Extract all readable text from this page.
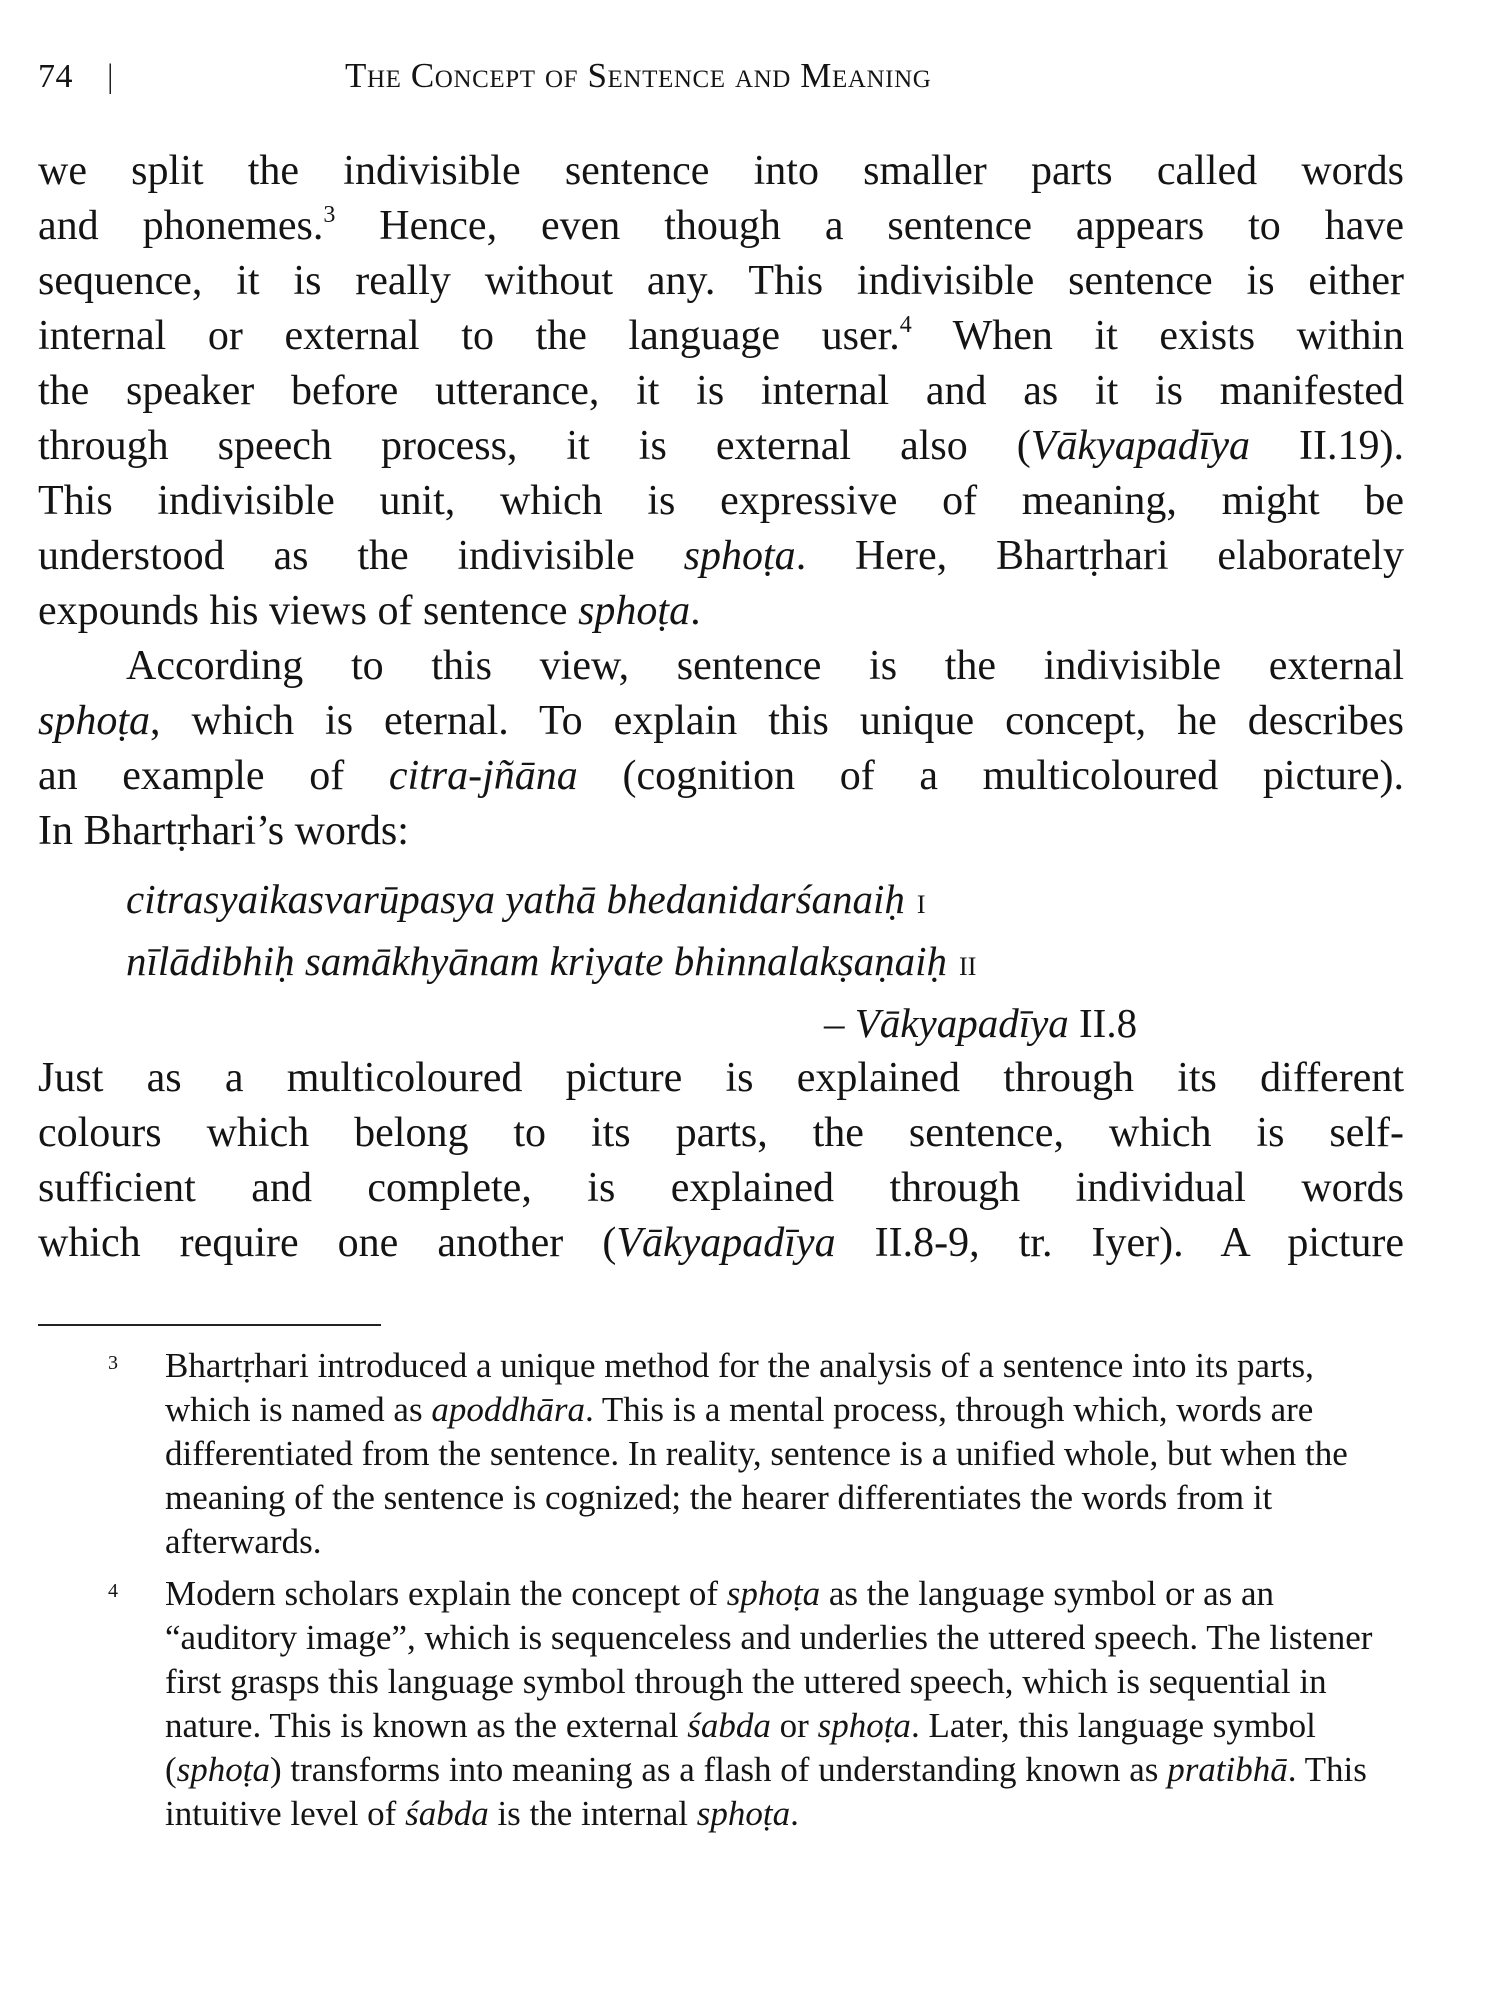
74	|	The Concept of Sentence and Meaning

we split the indivisible sentence into smaller parts called words
and phonemes.$^3$ Hence, even though a sentence appears to have
sequence, it is really without any. This indivisible sentence is either
internal or external to the language user.$^4$ When it exists within
the speaker before utterance, it is internal and as it is manifested
through speech process, it is external also (Vākyapadīya II.19).
This indivisible unit, which is expressive of meaning, might be
understood as the indivisible sphoṭa. Here, Bhartṛhari elaborately
expounds his views of sentence sphoṭa.

According to this view, sentence is the indivisible external
sphoṭa, which is eternal. To explain this unique concept, he describes
an example of citra-jñāna (cognition of a multicoloured picture).
In Bhartṛhari’s words:

citrasyaikasvarūpasya yathā bhedanidarśanaiḥ I
nīlādibhiḥ samākhyānam kriyate bhinnalakṣaṇaiḥ II
– Vākyapadīya II.8

Just as a multicoloured picture is explained through its different
colours which belong to its parts, the sentence, which is self-
sufficient and complete, is explained through individual words
which require one another (Vākyapadīya II.8-9, tr. Iyer). A picture

3	Bhartṛhari introduced a unique method for the analysis of a sentence into its parts, which is named as apoddhāra. This is a mental process, through which, words are differentiated from the sentence. In reality, sentence is a unified whole, but when the meaning of the sentence is cognized; the hearer differentiates the words from it afterwards.
4	Modern scholars explain the concept of sphoṭa as the language symbol or as an “auditory image”, which is sequenceless and underlies the uttered speech. The listener first grasps this language symbol through the uttered speech, which is sequential in nature. This is known as the external śabda or sphoṭa. Later, this language symbol (sphoṭa) transforms into meaning as a flash of understanding known as pratibhā. This intuitive level of śabda is the internal sphoṭa.
